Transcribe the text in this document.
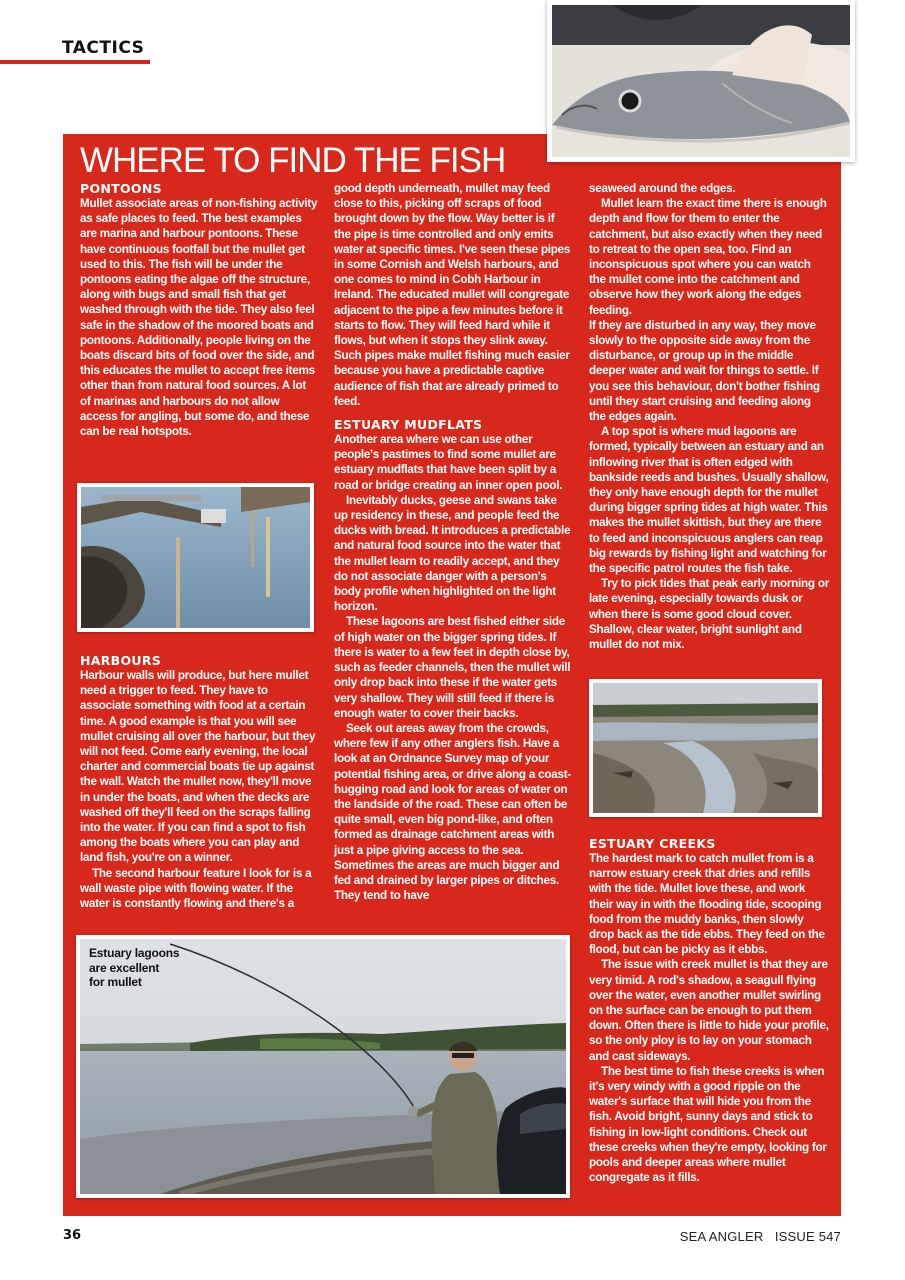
TACTICS
WHERE TO FIND THE FISH
PONTOONS

Mullet associate areas of non-fishing activity as safe places to feed. The best examples are marina and harbour pontoons. These have continuous footfall but the mullet get used to this. The fish will be under the pontoons eating the algae off the structure, along with bugs and small fish that get washed through with the tide. They also feel safe in the shadow of the moored boats and pontoons. Additionally, people living on the boats discard bits of food over the side, and this educates the mullet to accept free items other than from natural food sources. A lot of marinas and harbours do not allow access for angling, but some do, and these can be real hotspots.

HARBOURS

Harbour walls will produce, but here mullet need a trigger to feed. They have to associate something with food at a certain time. A good example is that you will see mullet cruising all over the harbour, but they will not feed. Come early evening, the local charter and commercial boats tie up against the wall. Watch the mullet now, they'll move in under the boats, and when the decks are washed off they'll feed on the scraps falling into the water. If you can find a spot to fish among the boats where you can play and land fish, you're on a winner.

The second harbour feature I look for is a wall waste pipe with flowing water. If the water is constantly flowing and there's a

good depth underneath, mullet may feed close to this, picking off scraps of food brought down by the flow. Way better is if the pipe is time controlled and only emits water at specific times. I've seen these pipes in some Cornish and Welsh harbours, and one comes to mind in Cobh Harbour in Ireland. The educated mullet will congregate adjacent to the pipe a few minutes before it starts to flow. They will feed hard while it flows, but when it stops they slink away. Such pipes make mullet fishing much easier because you have a predictable captive audience of fish that are already primed to feed.

ESTUARY MUDFLATS

Another area where we can use other people's pastimes to find some mullet are estuary mudflats that have been split by a road or bridge creating an inner open pool.

Inevitably ducks, geese and swans take up residency in these, and people feed the ducks with bread. It introduces a predictable and natural food source into the water that the mullet learn to readily accept, and they do not associate danger with a person's body profile when highlighted on the light horizon.

These lagoons are best fished either side of high water on the bigger spring tides. If there is water to a few feet in depth close by, such as feeder channels, then the mullet will only drop back into these if the water gets very shallow. They will still feed if there is enough water to cover their backs.

Seek out areas away from the crowds, where few if any other anglers fish. Have a look at an Ordnance Survey map of your potential fishing area, or drive along a coast-hugging road and look for areas of water on the landside of the road. These can often be quite small, even big pond-like, and often formed as drainage catchment areas with just a pipe giving access to the sea. Sometimes the areas are much bigger and fed and drained by larger pipes or ditches. They tend to have

seaweed around the edges.

Mullet learn the exact time there is enough depth and flow for them to enter the catchment, but also exactly when they need to retreat to the open sea, too. Find an inconspicuous spot where you can watch the mullet come into the catchment and observe how they work along the edges feeding.

If they are disturbed in any way, they move slowly to the opposite side away from the disturbance, or group up in the middle deeper water and wait for things to settle. If you see this behaviour, don't bother fishing until they start cruising and feeding along the edges again.

A top spot is where mud lagoons are formed, typically between an estuary and an inflowing river that is often edged with bankside reeds and bushes. Usually shallow, they only have enough depth for the mullet during bigger spring tides at high water. This makes the mullet skittish, but they are there to feed and inconspicuous anglers can reap big rewards by fishing light and watching for the specific patrol routes the fish take.

Try to pick tides that peak early morning or late evening, especially towards dusk or when there is some good cloud cover. Shallow, clear water, bright sunlight and mullet do not mix.

ESTUARY CREEKS

The hardest mark to catch mullet from is a narrow estuary creek that dries and refills with the tide. Mullet love these, and work their way in with the flooding tide, scooping food from the muddy banks, then slowly drop back as the tide ebbs. They feed on the flood, but can be picky as it ebbs.

The issue with creek mullet is that they are very timid. A rod's shadow, a seagull flying over the water, even another mullet swirling on the surface can be enough to put them down. Often there is little to hide your profile, so the only ploy is to lay on your stomach and cast sideways.

The best time to fish these creeks is when it's very windy with a good ripple on the water's surface that will hide you from the fish. Avoid bright, sunny days and stick to fishing in low-light conditions. Check out these creeks when they're empty, looking for pools and deeper areas where mullet congregate as it fills.

Estuary lagoons
are excellent
for mullet
36	SEA ANGLER ISSUE 547
